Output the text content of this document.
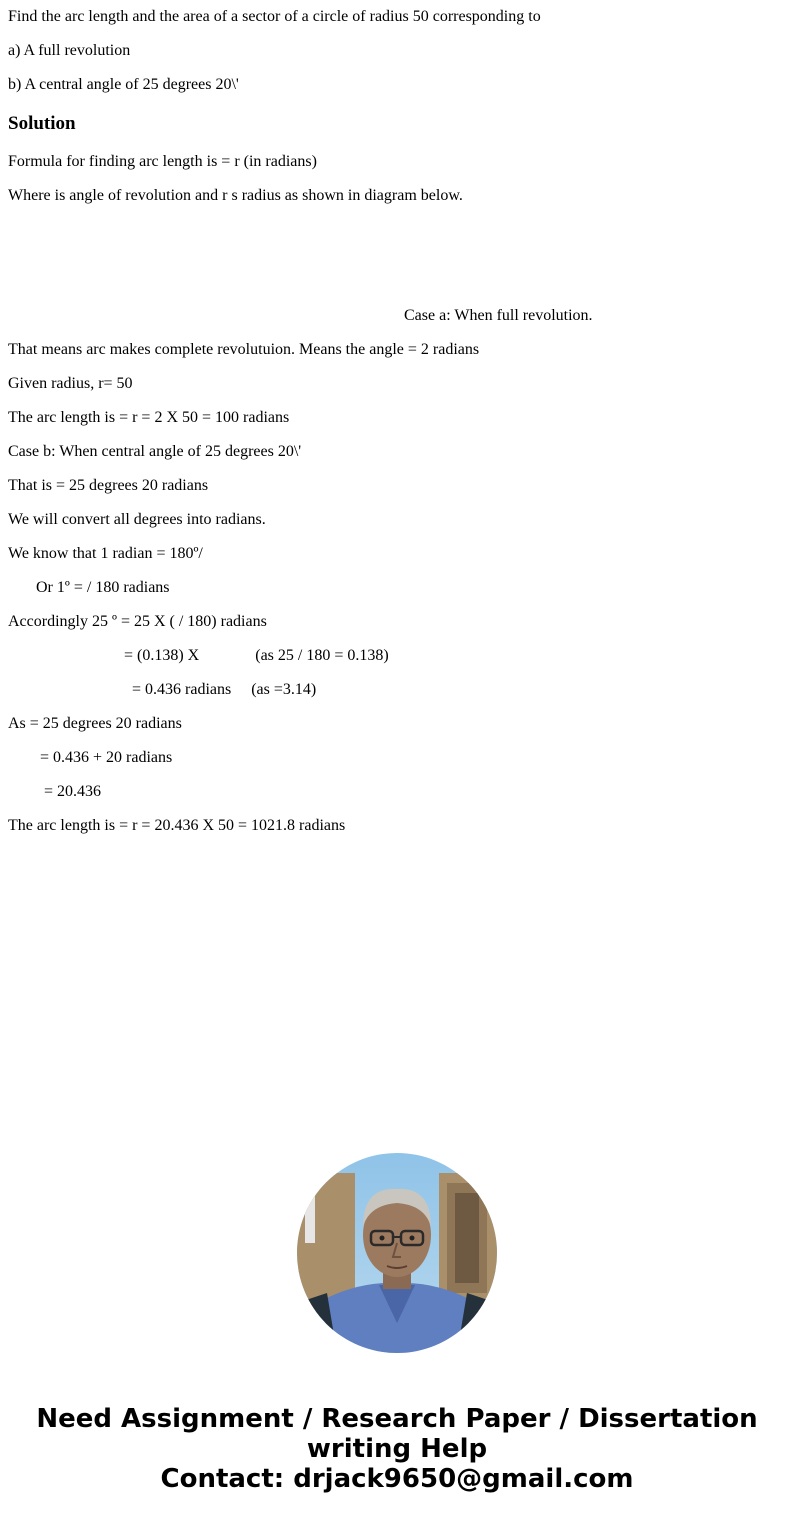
Find the arc length and the area of a sector of a circle of radius 50 corresponding to

a) A full revolution

b) A central angle of 25 degrees 20\'

Solution

Formula for finding arc length is = r (in radians)

Where is angle of revolution and r s radius as shown in diagram below.

Case a: When full revolution.

That means arc makes complete revolutuion. Means the angle = 2 radians

Given radius, r= 50

The arc length is = r = 2 X 50 = 100 radians

Case b: When central angle of 25 degrees 20\'

That is = 25 degrees 20 radians

We will convert all degrees into radians.

We know that 1 radian = 180º/

Or 1º = / 180 radians

Accordingly 25 º = 25 X ( / 180) radians

= (0.138) X              (as 25 / 180 = 0.138)

= 0.436 radians     (as =3.14)

As = 25 degrees 20 radians

= 0.436 + 20 radians

= 20.436

The arc length is = r = 20.436 X 50 = 1021.8 radians

Need Assignment / Research Paper / Dissertation
writing Help
Contact: drjack9650@gmail.com
